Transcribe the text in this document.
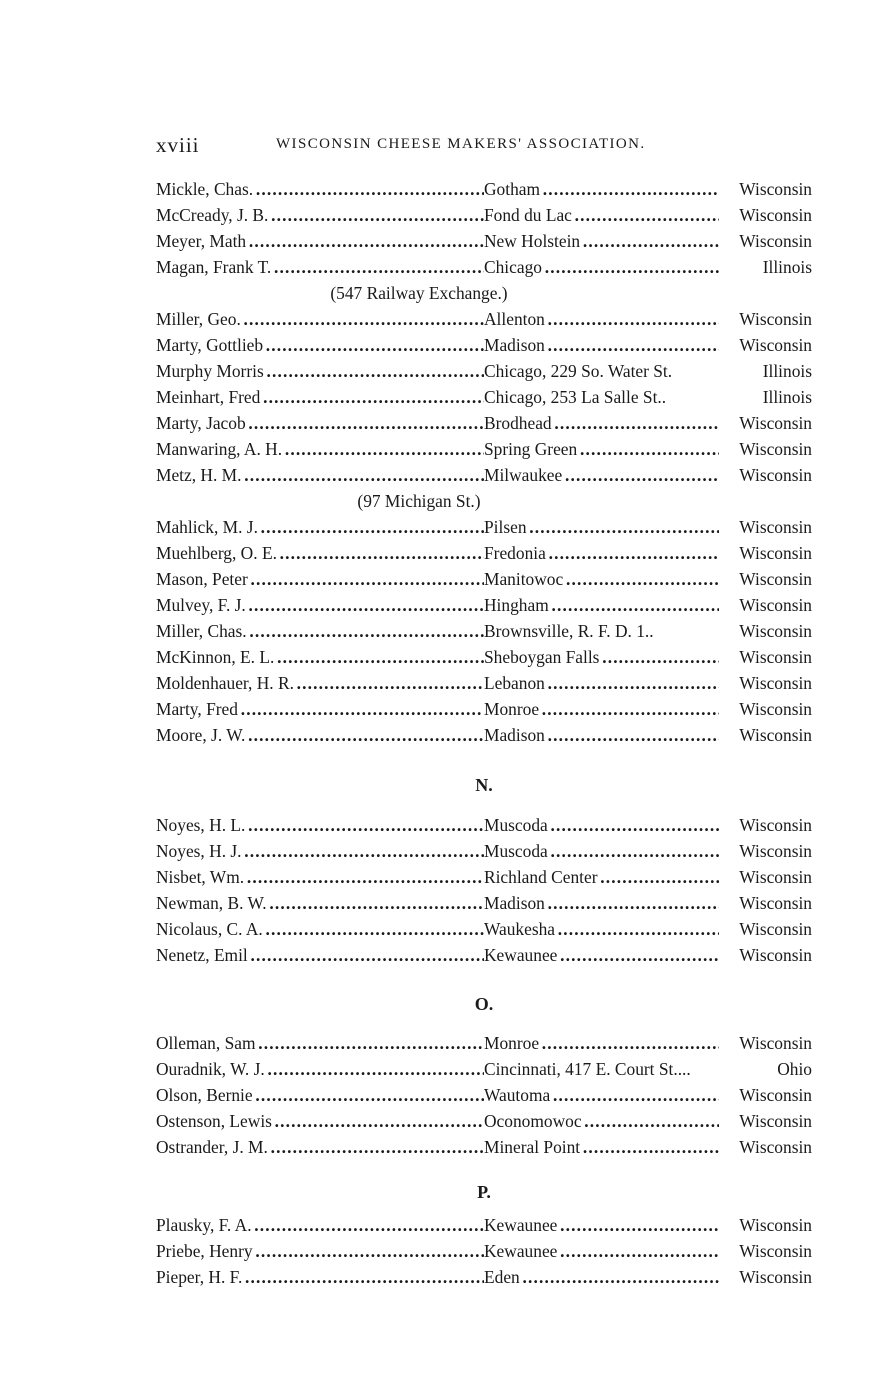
xviii	WISCONSIN CHEESE MAKERS' ASSOCIATION.
Mickle, Chas. . . .	Gotham . . .	Wisconsin
McCready, J. B. . . .	Fond du Lac . . .	Wisconsin
Meyer, Math . . .	New Holstein . . .	Wisconsin
Magan, Frank T. . . .	Chicago . . .	Illinois
(547 Railway Exchange.)
Miller, Geo. . . .	Allenton . . .	Wisconsin
Marty, Gottlieb . . .	Madison . . .	Wisconsin
Murphy Morris . . .	Chicago, 229 So. Water St.	Illinois
Meinhart, Fred . . .	Chicago, 253 La Salle St..	Illinois
Marty, Jacob . . .	Brodhead . . .	Wisconsin
Manwaring, A. H. . . .	Spring Green . . .	Wisconsin
Metz, H. M. . . .	Milwaukee . . .	Wisconsin
(97 Michigan St.)
Mahlick, M. J. . . .	Pilsen . . .	Wisconsin
Muehlberg, O. E. . . .	Fredonia . . .	Wisconsin
Mason, Peter . . .	Manitowoc . . .	Wisconsin
Mulvey, F. J. . . .	Hingham . . .	Wisconsin
Miller, Chas. . . .	Brownsville, R. F. D. 1..	Wisconsin
McKinnon, E. L. . . .	Sheboygan Falls . . .	Wisconsin
Moldenhauer, H. R. . . .	Lebanon . . .	Wisconsin
Marty, Fred . . .	Monroe . . .	Wisconsin
Moore, J. W. . . .	Madison . . .	Wisconsin
N.
Noyes, H. L. . . .	Muscoda . . .	Wisconsin
Noyes, H. J. . . .	Muscoda . . .	Wisconsin
Nisbet, Wm. . . .	Richland Center . . .	Wisconsin
Newman, B. W. . . .	Madison . . .	Wisconsin
Nicolaus, C. A. . . .	Waukesha . . .	Wisconsin
Nenetz, Emil . . .	Kewaunee . . .	Wisconsin
O.
Olleman, Sam . . .	Monroe . . .	Wisconsin
Ouradnik, W. J. . . .	Cincinnati, 417 E. Court St....	Ohio
Olson, Bernie . . .	Wautoma . . .	Wisconsin
Ostenson, Lewis . . .	Oconomowoc . . .	Wisconsin
Ostrander, J. M. . . .	Mineral Point . . .	Wisconsin
P.
Plausky, F. A. . . .	Kewaunee . . .	Wisconsin
Priebe, Henry . . .	Kewaunee . . .	Wisconsin
Pieper, H. F. . . .	Eden . . .	Wisconsin
